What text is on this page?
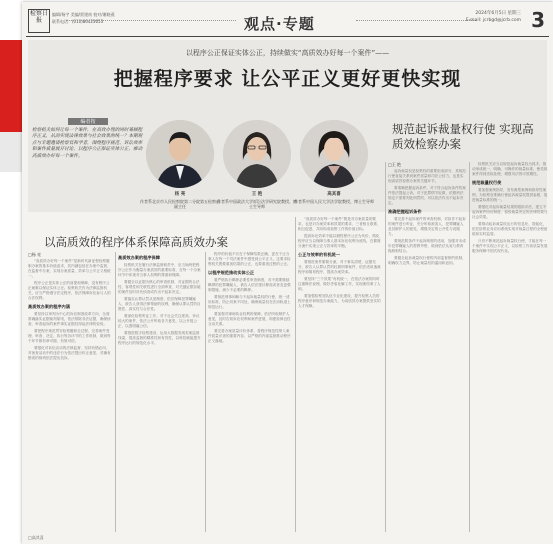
检察日报
编辑/杨宇 美编/贾建南 校对/谢晓燕
联系电话：(010)86423653	观点·专题
2024年6月5日 星期三
E-mail: jcrbgd@jcrb.com 3
以程序公正保证实体公正，持续做实“高质效办好每一个案件”——
把握程序要求 让公平正义更好更快实现
编者按
检察机关如何让每一个案件，在高效办理的同时兼顾程序正义，从而实现法律效果与社会效果的统一？本期观点与专题邀请检察官和学者，围绕程序规范、诉讼效率和案件质量展开讨论，以程序公正保证实体公正，推动高质效办好每一个案件。
杨 亮
作者系北京市人民检察院第二分院第五检察部副主任
王 艳
作者系中国政法大学诉讼法学研究院教授、博士生导师
高其喜
作者系中国人民大学法学院教授、博士生导师
规范起诉裁量权行使 实现高质效检察办案
以高质效的程序体系保障高质效办案

□杨 亮

“高质效办好每一个案件”是新时代新征程检察履职办案的基本价值追求，其内涵包括在办案中监督、在监督中办案，实现办案质量、效率与公平正义相统一。

程序公正是实体公正的前提和保障，没有程序公正就难以保证实体公正。检察机关作为法律监督机关，应当严格遵守法定程序，依法保障诉讼参与人的合法权利。

高质效办案的程序内涵

要坚持以审判为中心的诉讼制度改革方向，全面准确落实证据裁判原则，依法排除非法证据，确保侦查、审查起诉的案件事实证据经得起法律的检验。

要把程序规范贯穿检察履职全过程，完善案件受理、审查、决定、执行等各环节的工作机制，做到每个环节都有章可循、有规可依。

要强化对诉讼活动的法律监督，坚持有错必纠，对侦查活动中的违法行为依法提出纠正意见，对确有错误的裁判依法提出抗诉。

高质效办案的程序保障

检察机关在履行法律监督职责中，应当始终把程序公正作为衡量办案质效的重要标准，在每一个办案环节中体现对当事人权利的尊重和保障。

要健全以证据为核心的审查机制，对证据的合法性、客观性和关联性进行全面审查，对关键证据存疑的案件及时补充侦查或作出不起诉决定。

要落实认罪认罚从宽制度，依法保障犯罪嫌疑人、被告人获得法律帮助的权利，确保认罪认罚的自愿性、真实性与合法性。

要深化检察听证工作，对于社会关注度高、争议较大的案件，依法公开听取各方意见，以公开促公正、以透明赢公信。

要推进数字检察建设，运用大数据发现类案监督线索，提高监督的精准性和有效性，以科技赋能提升程序运行的规范化水平。

程序的价值不仅在于保障结果正确，更在于让当事人在每一个司法案件中感受到公平正义。这要求检察机关既要重视结果的公正，也要重视过程的公正。

以程序规范推动实体公正

要严格执行羁押必要性审查制度，对不需要继续羁押的犯罪嫌疑人、被告人依法建议释放或者变更强制措施，减少不必要的羁押。

要规范刑事和解与不起诉裁量权的行使，统一适用标准，防止同案不同处，确保裁量权在法治轨道上规范运行。

要加强对律师执业权利的保障，依法听取辩护人意见，及时告知诉讼权利和案件进展，构建检律良性互动关系。

要完善办案质量评价体系，将程序规范性纳入案件质量评查的重要内容，以严格的内部监督推动程序正义落地。

“高质效办好每一个案件”既是对办案质量的要求，也是对办案效率和效果的要求，三者相互联系、相互促进，共同构成检察工作的价值目标。

提高诉讼效率不能以牺牲程序公正为代价，简化程序应当以保障当事人基本诉讼权利为底线，在繁简分流中实现公正与效率的平衡。

公正与效率的有机统一

要推进案件繁简分流，对于事实清楚、证据充分、被告人认罪认罚的轻微刑事案件，依法适用速裁程序和简易程序，提高办案效率。

要坚持“三个效果”有机统一，在依法办案的同时注重释法说理，做好矛盾化解工作，实现案结事了人和。

要加强检察官队伍专业化建设，提升检察人员的程序意识和规范办案能力，为高质效办案提供坚实的人才保障。

□王 艳

起诉裁量权是检察权的重要组成部分，其规范行使直接关系到案件质量和司法公信力，也是实现高质效检察办案的关键环节。

要准确把握起诉条件，对于符合起诉条件的案件依法提起公诉，对于犯罪情节轻微、依照刑法规定不需要判处刑罚的，可以依法作出不起诉决定。

准确把握起诉条件

要完善不起诉案件的审查机制，对拟作不起诉的案件进行听证，充分听取被害人、犯罪嫌疑人及其辩护人的意见，增强决定的公开性与说服力。

要规范附条件不起诉制度的适用，加强对未成年犯罪嫌疑人的帮教考察，做到依法从宽与教育挽救相结合。

要健全起诉裁量权行使的内部监督制约机制，明确权力边界，防止裁量权的滥用和怠用。

检察机关应当以规范起诉裁量权为抓手，推动形成统一、明确、可操作的裁量标准，使类似案件得到类似处理，增强司法的可预期性。

规范裁量权行使

要加强案例指导，发布典型案例和指导性案例，为检察官准确行使起诉裁量权提供参照，促进裁量标准的统一。

要强化对起诉裁量结果的跟踪评估，建立不起诉案件回访制度，检验裁量决定的法律效果与社会效果。

要推动起诉裁量权运行的信息化、智能化，依托检察业务应用系统实现对裁量过程的全程留痕和实时监管。

只有不断规范起诉裁量权行使，才能在每一个案件中实现公平正义，以检察工作高质量发展服务保障中国式现代化。

□高其喜
